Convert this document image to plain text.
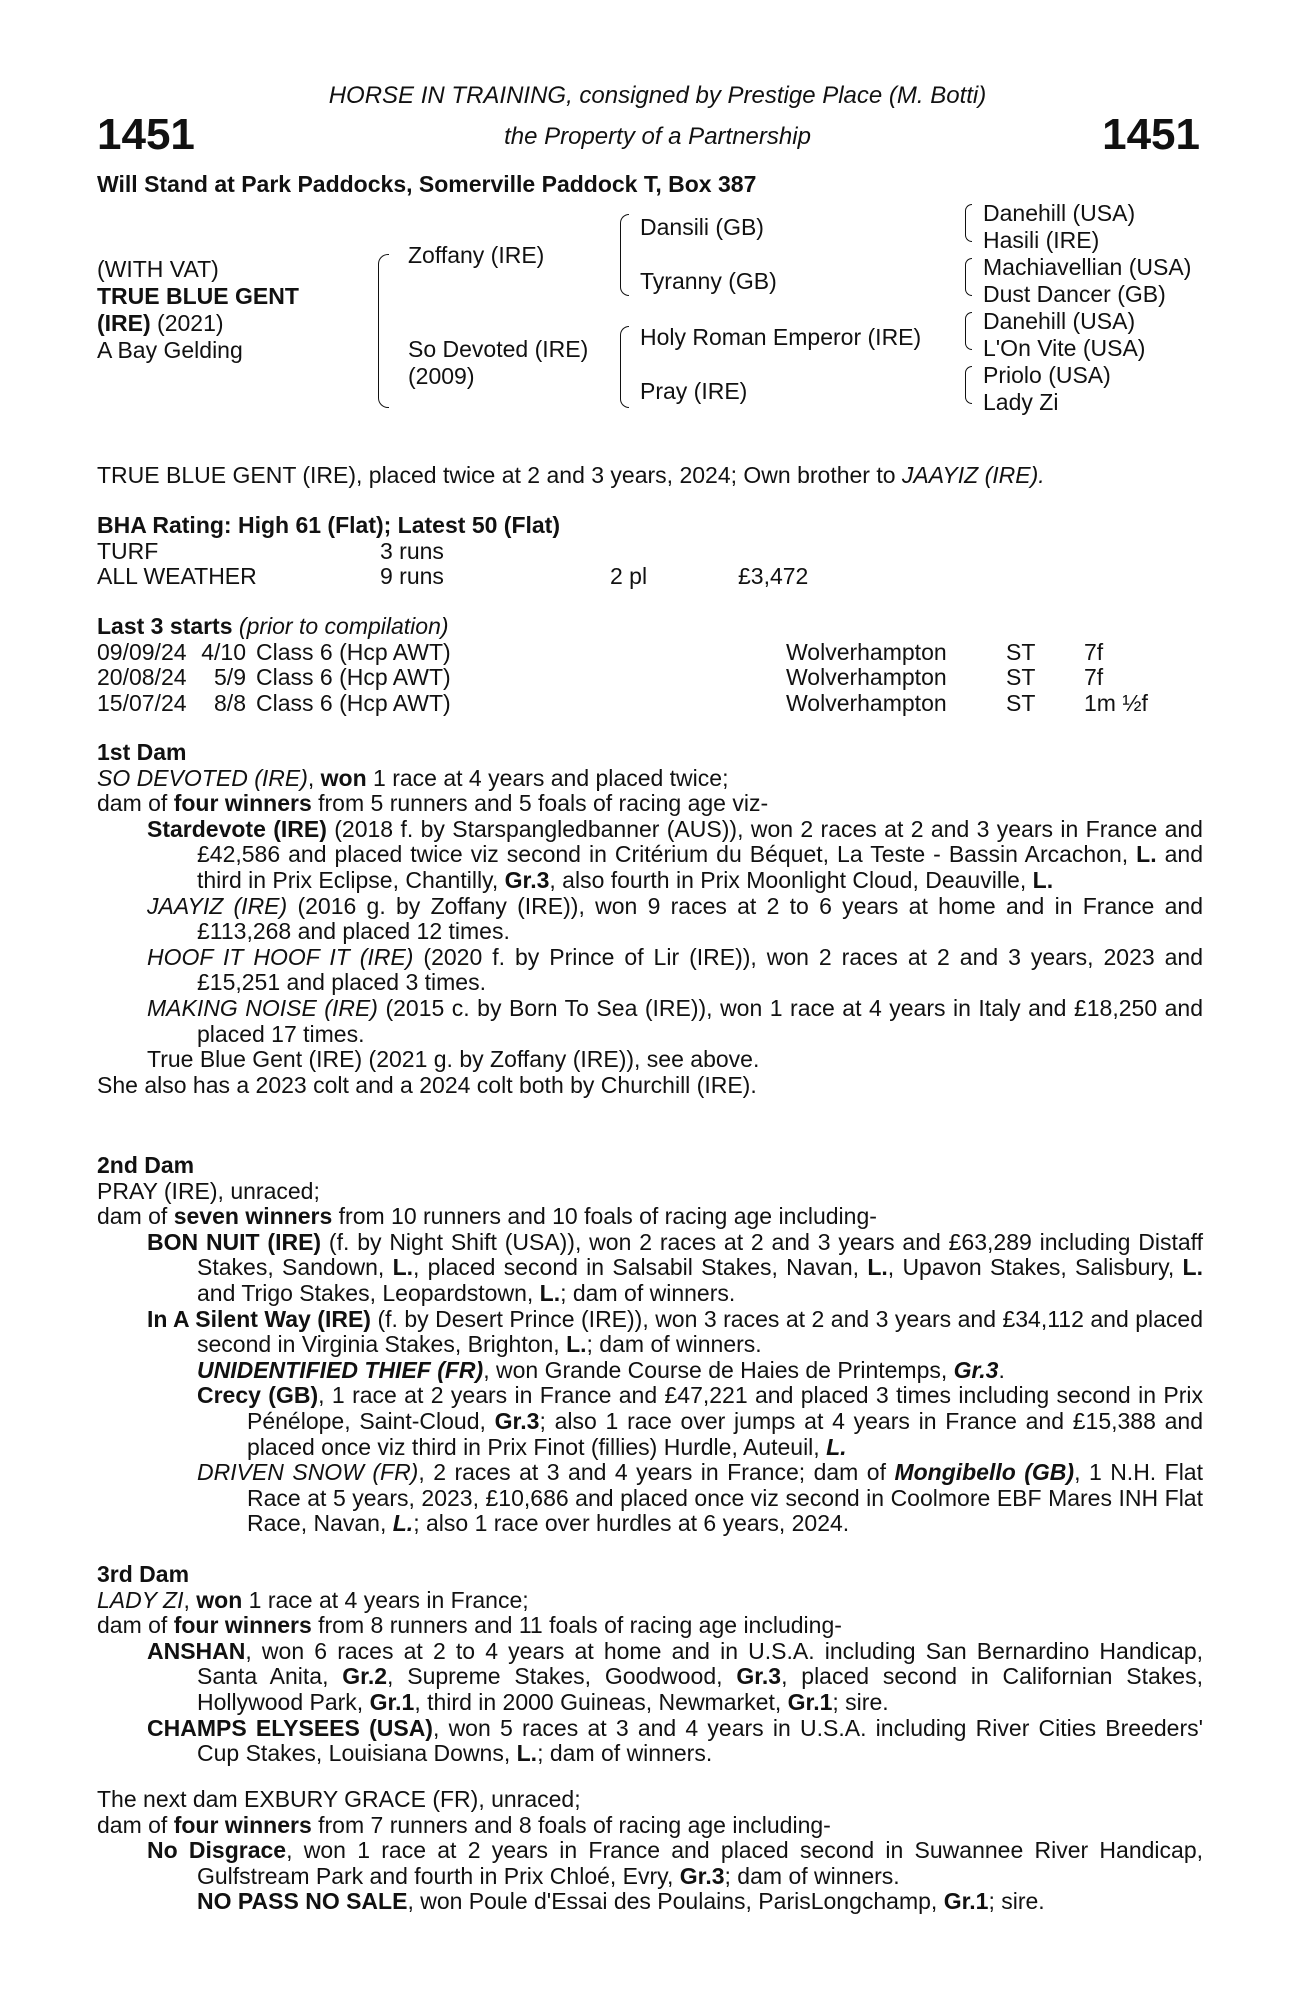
1451	1451
HORSE IN TRAINING, consigned by Prestige Place (M. Botti)
the Property of a Partnership
Will Stand at Park Paddocks, Somerville Paddock T, Box 387
(WITH VAT)
TRUE BLUE GENT
(IRE) (2021)
A Bay Gelding
Zoffany (IRE)
So Devoted (IRE)
(2009)
Dansili (GB)
Tyranny (GB)
Holy Roman Emperor (IRE)
Pray (IRE)
Danehill (USA)
Hasili (IRE)
Machiavellian (USA)
Dust Dancer (GB)
Danehill (USA)
L'On Vite (USA)
Priolo (USA)
Lady Zi

TRUE BLUE GENT (IRE), placed twice at 2 and 3 years, 2024; Own brother to JAAYIZ (IRE).

BHA Rating: High 61 (Flat); Latest 50 (Flat)

TURF	3 runs		
ALL WEATHER	9 runs	2 pl	£3,472

Last 3 starts (prior to compilation)

09/09/24	4/10	Class 6 (Hcp AWT)	Wolverhampton	ST	7f
20/08/24	5/9	Class 6 (Hcp AWT)	Wolverhampton	ST	7f
15/07/24	8/8	Class 6 (Hcp AWT)	Wolverhampton	ST	1m ½f

1st Dam

SO DEVOTED (IRE), won 1 race at 4 years and placed twice;

dam of four winners from 5 runners and 5 foals of racing age viz-

Stardevote (IRE) (2018 f. by Starspangledbanner (AUS)), won 2 races at 2 and 3 years in France and £42,586 and placed twice viz second in Critérium du Béquet, La Teste - Bassin Arcachon, L. and third in Prix Eclipse, Chantilly, Gr.3, also fourth in Prix Moonlight Cloud, Deauville, L.

JAAYIZ (IRE) (2016 g. by Zoffany (IRE)), won 9 races at 2 to 6 years at home and in France and £113,268 and placed 12 times.

HOOF IT HOOF IT (IRE) (2020 f. by Prince of Lir (IRE)), won 2 races at 2 and 3 years, 2023 and £15,251 and placed 3 times.

MAKING NOISE (IRE) (2015 c. by Born To Sea (IRE)), won 1 race at 4 years in Italy and £18,250 and placed 17 times.

True Blue Gent (IRE) (2021 g. by Zoffany (IRE)), see above.

She also has a 2023 colt and a 2024 colt both by Churchill (IRE).

2nd Dam

PRAY (IRE), unraced;

dam of seven winners from 10 runners and 10 foals of racing age including-

BON NUIT (IRE) (f. by Night Shift (USA)), won 2 races at 2 and 3 years and £63,289 including Distaff Stakes, Sandown, L., placed second in Salsabil Stakes, Navan, L., Upavon Stakes, Salisbury, L. and Trigo Stakes, Leopardstown, L.; dam of winners.

In A Silent Way (IRE) (f. by Desert Prince (IRE)), won 3 races at 2 and 3 years and £34,112 and placed second in Virginia Stakes, Brighton, L.; dam of winners.

UNIDENTIFIED THIEF (FR), won Grande Course de Haies de Printemps, Gr.3.

Crecy (GB), 1 race at 2 years in France and £47,221 and placed 3 times including second in Prix Pénélope, Saint-Cloud, Gr.3; also 1 race over jumps at 4 years in France and £15,388 and placed once viz third in Prix Finot (fillies) Hurdle, Auteuil, L.

DRIVEN SNOW (FR), 2 races at 3 and 4 years in France; dam of Mongibello (GB), 1 N.H. Flat Race at 5 years, 2023, £10,686 and placed once viz second in Coolmore EBF Mares INH Flat Race, Navan, L.; also 1 race over hurdles at 6 years, 2024.

3rd Dam

LADY ZI, won 1 race at 4 years in France;

dam of four winners from 8 runners and 11 foals of racing age including-

ANSHAN, won 6 races at 2 to 4 years at home and in U.S.A. including San Bernardino Handicap, Santa Anita, Gr.2, Supreme Stakes, Goodwood, Gr.3, placed second in Californian Stakes, Hollywood Park, Gr.1, third in 2000 Guineas, Newmarket, Gr.1; sire.

CHAMPS ELYSEES (USA), won 5 races at 3 and 4 years in U.S.A. including River Cities Breeders' Cup Stakes, Louisiana Downs, L.; dam of winners.

The next dam EXBURY GRACE (FR), unraced;

dam of four winners from 7 runners and 8 foals of racing age including-

No Disgrace, won 1 race at 2 years in France and placed second in Suwannee River Handicap, Gulfstream Park and fourth in Prix Chloé, Evry, Gr.3; dam of winners.

NO PASS NO SALE, won Poule d'Essai des Poulains, ParisLongchamp, Gr.1; sire.
